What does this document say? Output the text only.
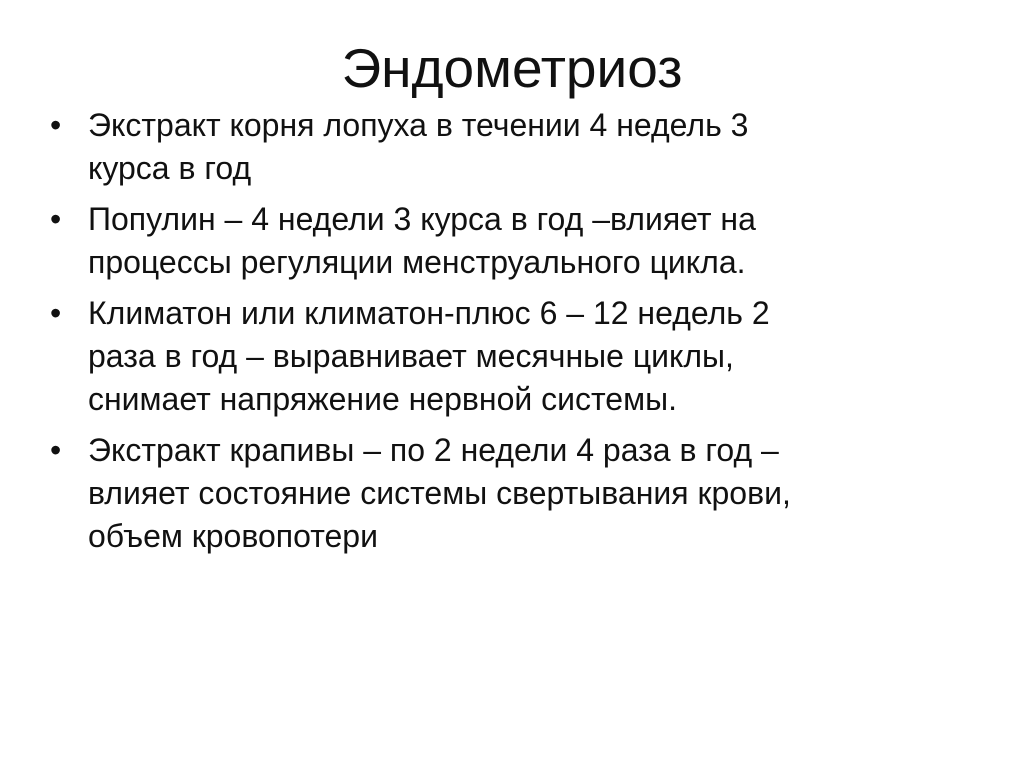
Эндометриоз
• Экстракт корня лопуха в течении 4 недель 3
курса в год
• Популин – 4 недели 3 курса в год –влияет на
процессы регуляции менструального цикла.
• Климатон или климатон-плюс 6 – 12 недель 2
раза в год – выравнивает месячные циклы,
снимает напряжение нервной системы.
• Экстракт крапивы – по 2 недели 4 раза в год –
влияет состояние системы свертывания крови,
объем кровопотери
